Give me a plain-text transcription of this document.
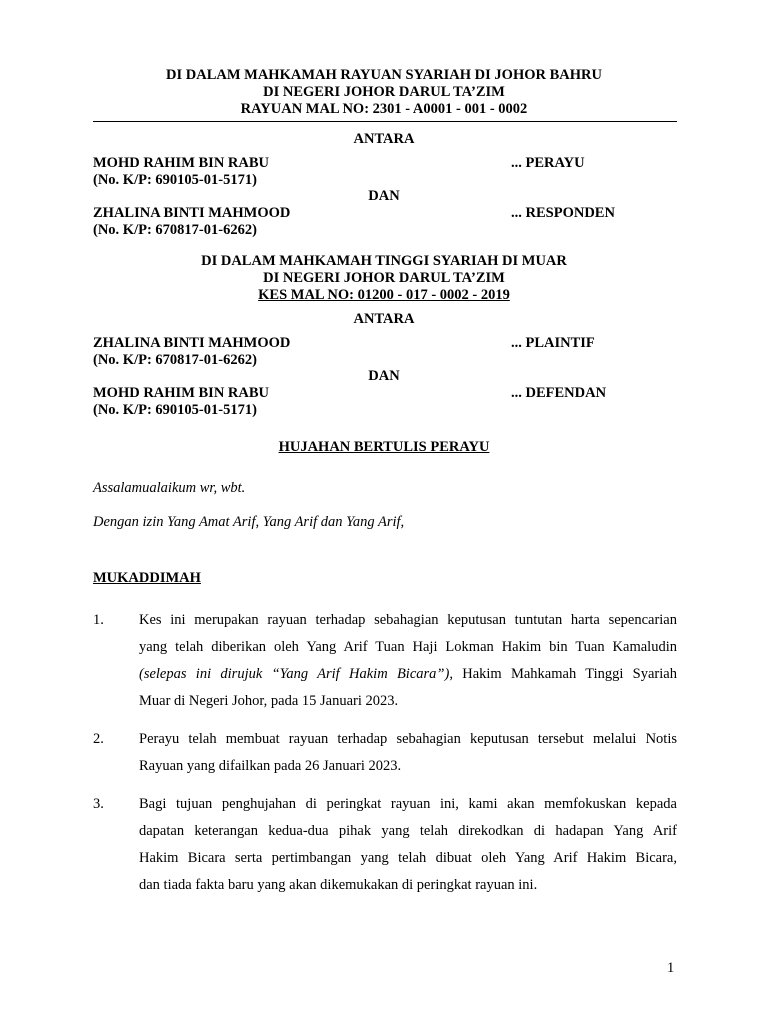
DI DALAM MAHKAMAH RAYUAN SYARIAH DI JOHOR BAHRU
DI NEGERI JOHOR DARUL TA’ZIM
RAYUAN MAL NO: 2301 - A0001 - 001 - 0002
ANTARA
MOHD RAHIM BIN RABU	... PERAYU
(No. K/P: 690105-01-5171)
DAN
ZHALINA BINTI MAHMOOD	... RESPONDEN
(No. K/P: 670817-01-6262)
DI DALAM MAHKAMAH TINGGI SYARIAH DI MUAR
DI NEGERI JOHOR DARUL TA’ZIM
KES MAL NO: 01200 - 017 - 0002 - 2019
ANTARA
ZHALINA BINTI MAHMOOD	... PLAINTIF
(No. K/P: 670817-01-6262)
DAN
MOHD RAHIM BIN RABU	... DEFENDAN
(No. K/P: 690105-01-5171)
HUJAHAN BERTULIS PERAYU
Assalamualaikum wr, wbt.
Dengan izin Yang Amat Arif, Yang Arif dan Yang Arif,
MUKADDIMAH
1. Kes ini merupakan rayuan terhadap sebahagian keputusan tuntutan harta sepencarian
yang telah diberikan oleh Yang Arif Tuan Haji Lokman Hakim bin Tuan Kamaludin
(selepas ini dirujuk “Yang Arif Hakim Bicara”), Hakim Mahkamah Tinggi Syariah
Muar di Negeri Johor, pada 15 Januari 2023.
2. Perayu telah membuat rayuan terhadap sebahagian keputusan tersebut melalui Notis
Rayuan yang difailkan pada 26 Januari 2023.
3. Bagi tujuan penghujahan di peringkat rayuan ini, kami akan memfokuskan kepada
dapatan keterangan kedua-dua pihak yang telah direkodkan di hadapan Yang Arif
Hakim Bicara serta pertimbangan yang telah dibuat oleh Yang Arif Hakim Bicara,
dan tiada fakta baru yang akan dikemukakan di peringkat rayuan ini.
1
